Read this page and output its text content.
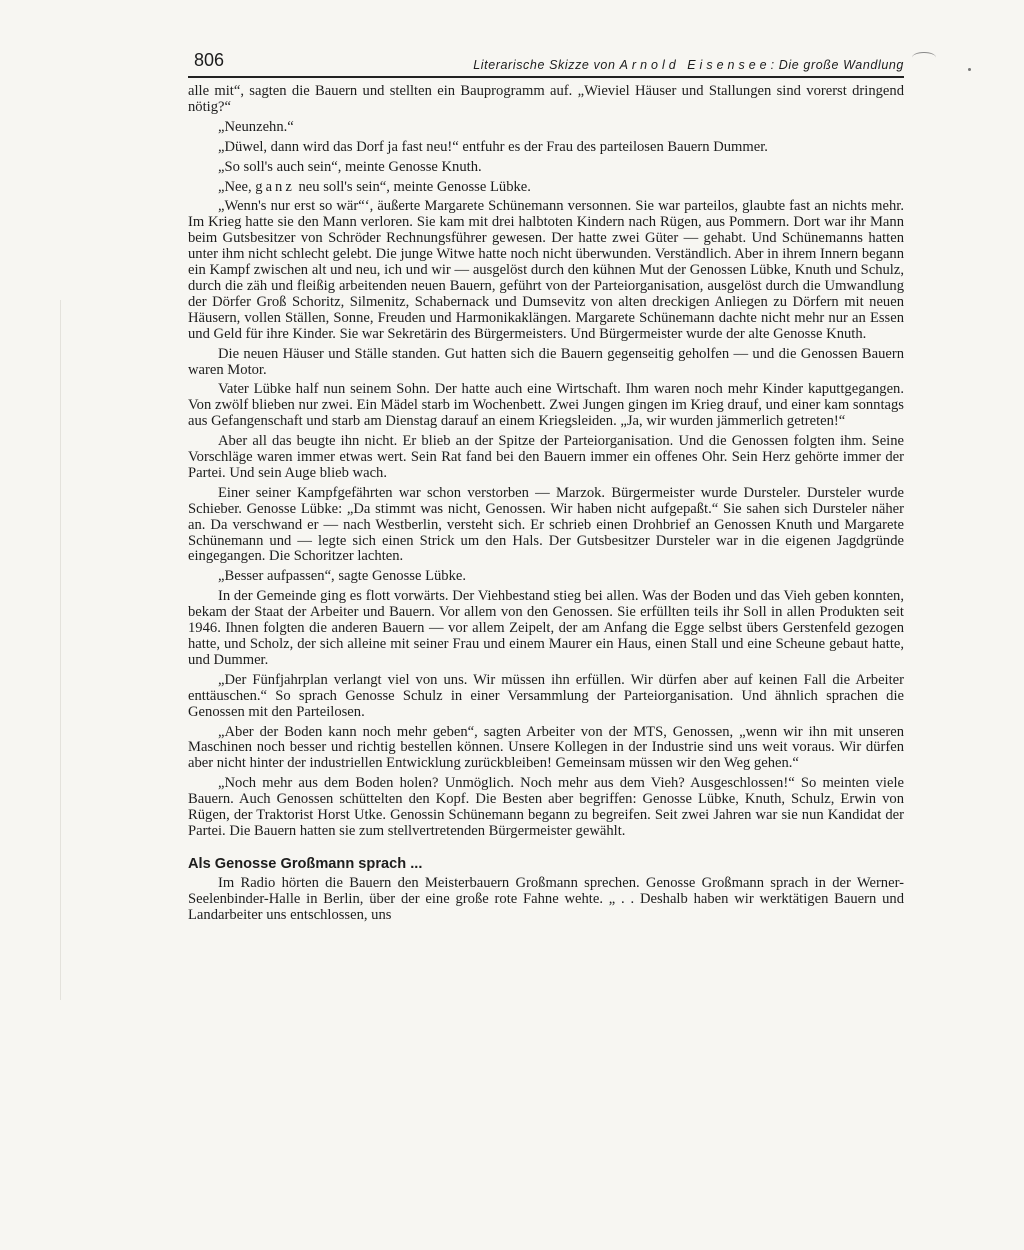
806	Literarische Skizze von Arnold Eisensee: Die große Wandlung

alle mit“, sagten die Bauern und stellten ein Bauprogramm auf. „Wieviel Häuser und Stallungen sind vorerst dringend nötig?“

„Neunzehn.“

„Düwel, dann wird das Dorf ja fast neu!“ entfuhr es der Frau des parteilosen Bauern Dummer.

„So soll's auch sein“, meinte Genosse Knuth.

„Nee, ganz neu soll's sein“, meinte Genosse Lübke.

„Wenn's nur erst so wär“‘, äußerte Margarete Schünemann versonnen. Sie war parteilos, glaubte fast an nichts mehr. Im Krieg hatte sie den Mann verloren. Sie kam mit drei halbtoten Kindern nach Rügen, aus Pommern. Dort war ihr Mann beim Gutsbesitzer von Schröder Rechnungsführer gewesen. Der hatte zwei Güter — gehabt. Und Schünemanns hatten unter ihm nicht schlecht gelebt. Die junge Witwe hatte noch nicht überwunden. Verständlich. Aber in ihrem Innern begann ein Kampf zwischen alt und neu, ich und wir — ausgelöst durch den kühnen Mut der Genossen Lübke, Knuth und Schulz, durch die zäh und fleißig arbeitenden neuen Bauern, geführt von der Parteiorganisation, ausgelöst durch die Umwandlung der Dörfer Groß Schoritz, Silmenitz, Schabernack und Dumsevitz von alten dreckigen Anliegen zu Dörfern mit neuen Häusern, vollen Ställen, Sonne, Freuden und Harmonikaklängen. Margarete Schünemann dachte nicht mehr nur an Essen und Geld für ihre Kinder. Sie war Sekretärin des Bürgermeisters. Und Bürgermeister wurde der alte Genosse Knuth.

Die neuen Häuser und Ställe standen. Gut hatten sich die Bauern gegenseitig geholfen — und die Genossen Bauern waren Motor.

Vater Lübke half nun seinem Sohn. Der hatte auch eine Wirtschaft. Ihm waren noch mehr Kinder kaputtgegangen. Von zwölf blieben nur zwei. Ein Mädel starb im Wochenbett. Zwei Jungen gingen im Krieg drauf, und einer kam sonntags aus Gefangenschaft und starb am Dienstag darauf an einem Kriegsleiden. „Ja, wir wurden jämmerlich getreten!“

Aber all das beugte ihn nicht. Er blieb an der Spitze der Parteiorganisation. Und die Genossen folgten ihm. Seine Vorschläge waren immer etwas wert. Sein Rat fand bei den Bauern immer ein offenes Ohr. Sein Herz gehörte immer der Partei. Und sein Auge blieb wach.

Einer seiner Kampfgefährten war schon verstorben — Marzok. Bürgermeister wurde Dursteler. Dursteler wurde Schieber. Genosse Lübke: „Da stimmt was nicht, Genossen. Wir haben nicht aufgepaßt.“ Sie sahen sich Dursteler näher an. Da verschwand er — nach Westberlin, versteht sich. Er schrieb einen Drohbrief an Genossen Knuth und Margarete Schünemann und — legte sich einen Strick um den Hals. Der Gutsbesitzer Dursteler war in die eigenen Jagdgründe eingegangen. Die Schoritzer lachten.

„Besser aufpassen“, sagte Genosse Lübke.

In der Gemeinde ging es flott vorwärts. Der Viehbestand stieg bei allen. Was der Boden und das Vieh geben konnten, bekam der Staat der Arbeiter und Bauern. Vor allem von den Genossen. Sie erfüllten teils ihr Soll in allen Produkten seit 1946. Ihnen folgten die anderen Bauern — vor allem Zeipelt, der am Anfang die Egge selbst übers Gerstenfeld gezogen hatte, und Scholz, der sich alleine mit seiner Frau und einem Maurer ein Haus, einen Stall und eine Scheune gebaut hatte, und Dummer.

„Der Fünfjahrplan verlangt viel von uns. Wir müssen ihn erfüllen. Wir dürfen aber auf keinen Fall die Arbeiter enttäuschen.“ So sprach Genosse Schulz in einer Versammlung der Parteiorganisation. Und ähnlich sprachen die Genossen mit den Parteilosen.

„Aber der Boden kann noch mehr geben“, sagten Arbeiter von der MTS, Genossen, „wenn wir ihn mit unseren Maschinen noch besser und richtig bestellen können. Unsere Kollegen in der Industrie sind uns weit voraus. Wir dürfen aber nicht hinter der industriellen Entwicklung zurückbleiben! Gemeinsam müssen wir den Weg gehen.“

„Noch mehr aus dem Boden holen? Unmöglich. Noch mehr aus dem Vieh? Ausgeschlossen!“ So meinten viele Bauern. Auch Genossen schüttelten den Kopf. Die Besten aber begriffen: Genosse Lübke, Knuth, Schulz, Erwin von Rügen, der Traktorist Horst Utke. Genossin Schünemann begann zu begreifen. Seit zwei Jahren war sie nun Kandidat der Partei. Die Bauern hatten sie zum stellvertretenden Bürgermeister gewählt.

Als Genosse Großmann sprach ...

Im Radio hörten die Bauern den Meisterbauern Großmann sprechen. Genosse Großmann sprach in der Werner-Seelenbinder-Halle in Berlin, über der eine große rote Fahne wehte. „ . . Deshalb haben wir werktätigen Bauern und Landarbeiter uns entschlossen, uns
